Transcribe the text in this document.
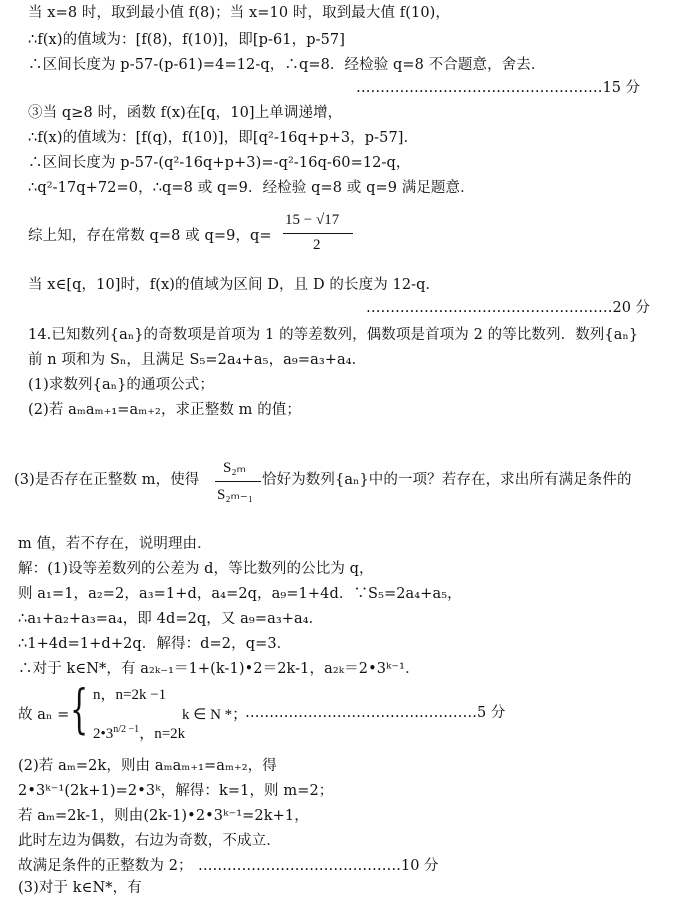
当 x=8 时，取到最小值 f(8)；当 x=10 时，取到最大值 f(10)，
∴f(x)的值域为：[f(8)，f(10)]，即[p-61，p-57]
∴区间长度为 p-57-(p-61)=4=12-q，∴q=8．经检验 q=8 不合题意，舍去．
……………………………………………15 分
③当 q≥8 时，函数 f(x)在[q，10]上单调递增，
∴f(x)的值域为：[f(q)，f(10)]，即[q²-16q+p+3，p-57]．
∴区间长度为 p-57-(q²-16q+p+3)=-q²-16q-60=12-q，
∴q²-17q+72=0，∴q=8 或 q=9．经检验 q=8 或 q=9 满足题意．
综上知，存在常数 q=8 或 q=9，q=
15 − √17
2
当 x∈[q，10]时，f(x)的值域为区间 D，且 D 的长度为 12-q．
……………………………………………20 分
14.已知数列{aₙ}的奇数项是首项为 1 的等差数列，偶数项是首项为 2 的等比数列．数列{aₙ}
前 n 项和为 Sₙ，且满足 S₅=2a₄+a₅，a₉=a₃+a₄．
(1)求数列{aₙ}的通项公式；
(2)若 aₘaₘ₊₁=aₘ₊₂，求正整数 m 的值；
(3)是否存在正整数 m，使得
S₂ₘ
S₂ₘ₋₁
恰好为数列{aₙ}中的一项？若存在，求出所有满足条件的
m 值，若不存在，说明理由．
解：(1)设等差数列的公差为 d，等比数列的公比为 q，
则 a₁=1，a₂=2，a₃=1+d，a₄=2q，a₉=1+4d．∵S₅=2a₄+a₅，
∴a₁+a₂+a₃=a₄，即 4d=2q，又 a₉=a₃+a₄．
∴1+4d=1+d+2q．解得：d=2，q=3．
∴对于 k∈N*，有 a₂ₖ₋₁＝1+(k-1)•2＝2k-1，a₂ₖ＝2•3ᵏ⁻¹．
故 aₙ = { n，n=2k −1
$2•3^{n/2 -1}$，n=2k
k ∈ N *；
…………………………………………5 分
(2)若 aₘ=2k，则由 aₘaₘ₊₁=aₘ₊₂，得
2•3ᵏ⁻¹(2k+1)=2•3ᵏ，解得：k=1，则 m=2；
若 aₘ=2k-1，则由(2k-1)•2•3ᵏ⁻¹=2k+1，
此时左边为偶数，右边为奇数，不成立．
故满足条件的正整数为 2； ……………………………………10 分
(3)对于 k∈N*，有
